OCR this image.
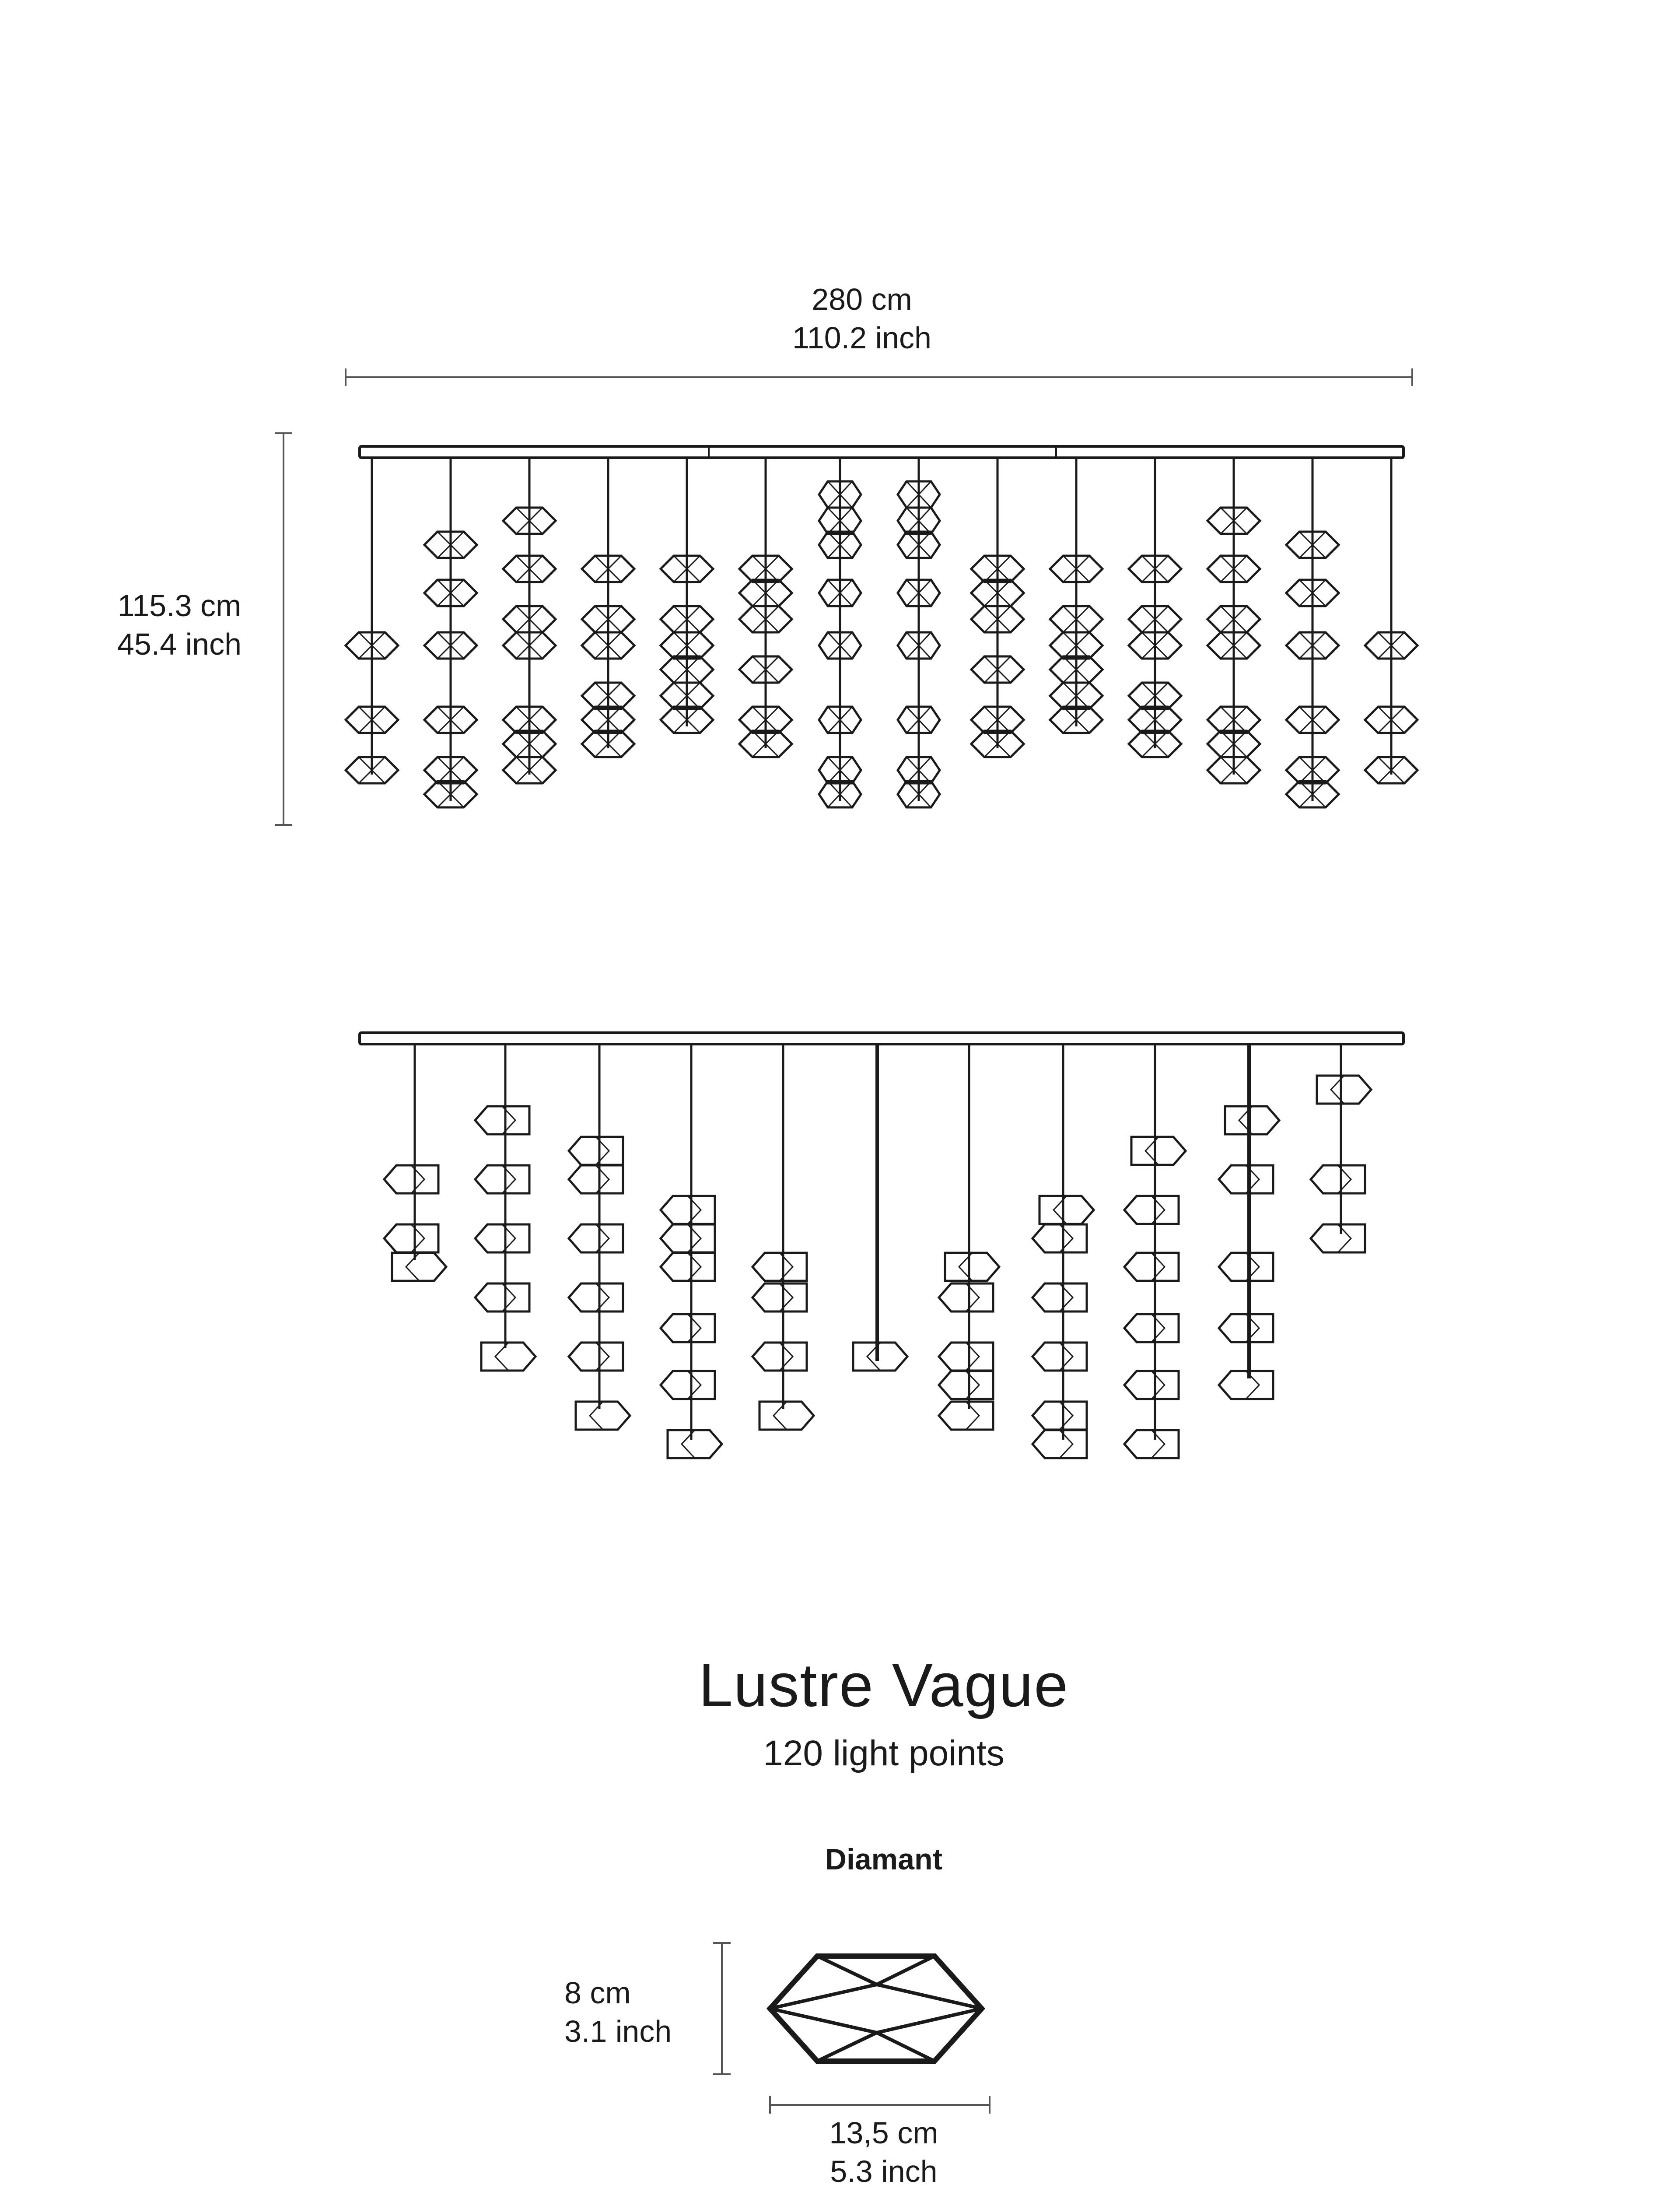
280 cm
110.2 inch
115.3 cm
45.4 inch
Lustre Vague
120 light points
Diamant
8 cm
3.1 inch
13,5 cm
5.3 inch
